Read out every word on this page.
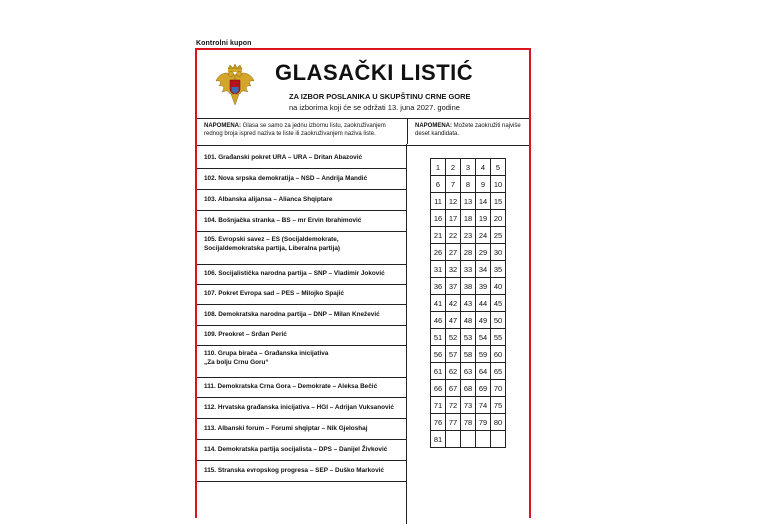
Kontrolni kupon
GLASAČKI LISTIĆ
ZA IZBOR POSLANIKA U SKUPŠTINU CRNE GORE
na izborima koji će se održati 13. juna 2027. godine
NAPOMENA: Glasa se samo za jednu izbornu listu, zaokruživanjem rednog broja ispred naziva te liste ili zaokruživanjem naziva liste.
NAPOMENA: Možete zaokružiti najviše deset kandidata.
101. Građanski pokret URA – URA – Dritan Abazović
102. Nova srpska demokratija – NSD – Andrija Mandić
103. Albanska alijansa – Alianca Shqiptare
104. Bošnjačka stranka – BS – mr Ervin Ibrahimović
105. Evropski savez – ES (Socijaldemokrate,
Socijaldemokratska partija, Liberalna partija)
106. Socijalistička narodna partija – SNP – Vladimir Joković
107. Pokret Evropa sad – PES – Milojko Spajić
108. Demokratska narodna partija – DNP – Milan Knežević
109. Preokret – Srđan Perić
110. Grupa birača – Građanska inicijativa
„Za bolju Crnu Goru“
111. Demokratska Crna Gora – Demokrate – Aleksa Bečić
112. Hrvatska građanska inicijativa – HGI – Adrijan Vuksanović
113. Albanski forum – Forumi shqiptar – Nik Gjeloshaj
114. Demokratska partija socijalista – DPS – Danijel Živković
115. Stranska evropskog progresa – SEP – Duško Marković
1	2	3	4	5
6	7	8	9	10
11	12	13	14	15
16	17	18	19	20
21	22	23	24	25
26	27	28	29	30
31	32	33	34	35
36	37	38	39	40
41	42	43	44	45
46	47	48	49	50
51	52	53	54	55
56	57	58	59	60
61	62	63	64	65
66	67	68	69	70
71	72	73	74	75
76	77	78	79	80
81				
